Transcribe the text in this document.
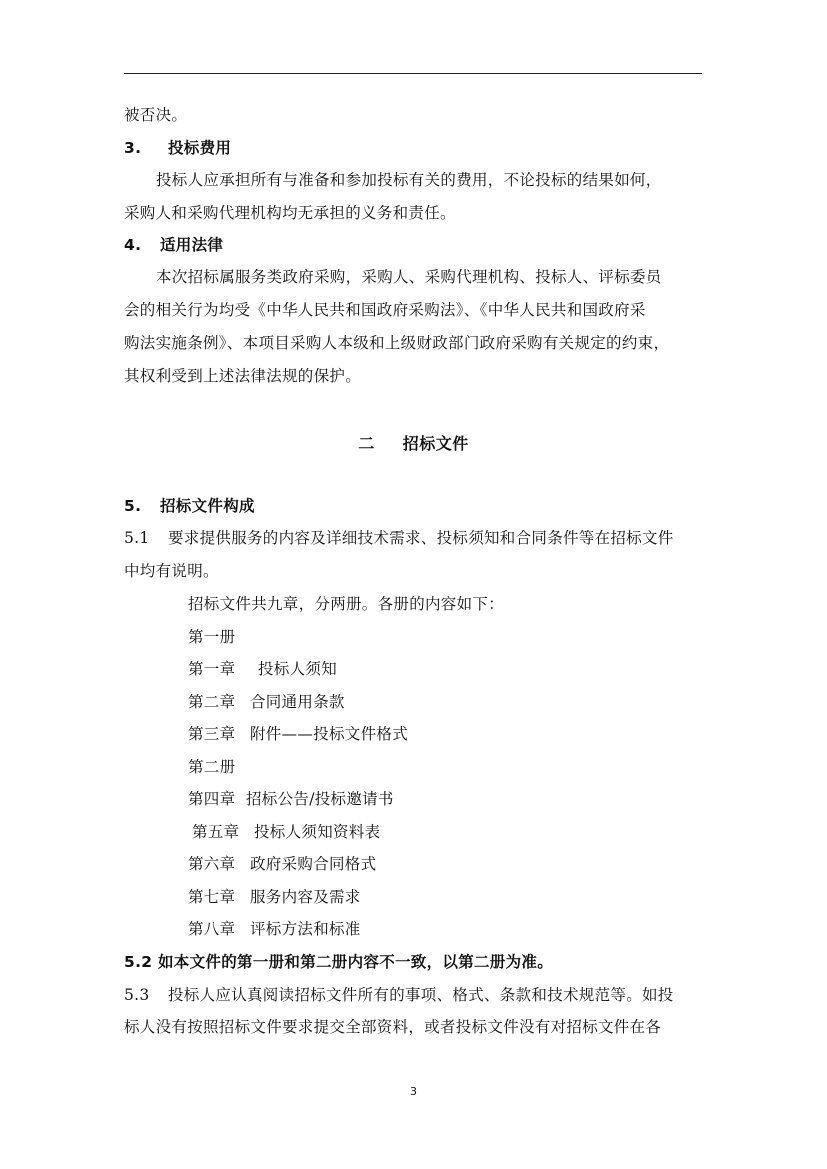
被否决。
3. 投标费用
投标人应承担所有与准备和参加投标有关的费用，不论投标的结果如何，
采购人和采购代理机构均无承担的义务和责任。
4. 适用法律
本次招标属服务类政府采购，采购人、采购代理机构、投标人、评标委员
会的相关行为均受《中华人民共和国政府采购法》、《中华人民共和国政府采
购法实施条例》、本项目采购人本级和上级财政部门政府采购有关规定的约束，
其权利受到上述法律法规的保护。
二 招标文件
5. 招标文件构成
5.1 要求提供服务的内容及详细技术需求、投标须知和合同条件等在招标文件
中均有说明。
招标文件共九章，分两册。各册的内容如下：
第一册
第一章 投标人须知
第二章 合同通用条款
第三章 附件——投标文件格式
第二册
第四章 招标公告/投标邀请书
第五章 投标人须知资料表
第六章 政府采购合同格式
第七章 服务内容及需求
第八章 评标方法和标准
5.2 如本文件的第一册和第二册内容不一致，以第二册为准。
5.3 投标人应认真阅读招标文件所有的事项、格式、条款和技术规范等。如投
标人没有按照招标文件要求提交全部资料，或者投标文件没有对招标文件在各
3
